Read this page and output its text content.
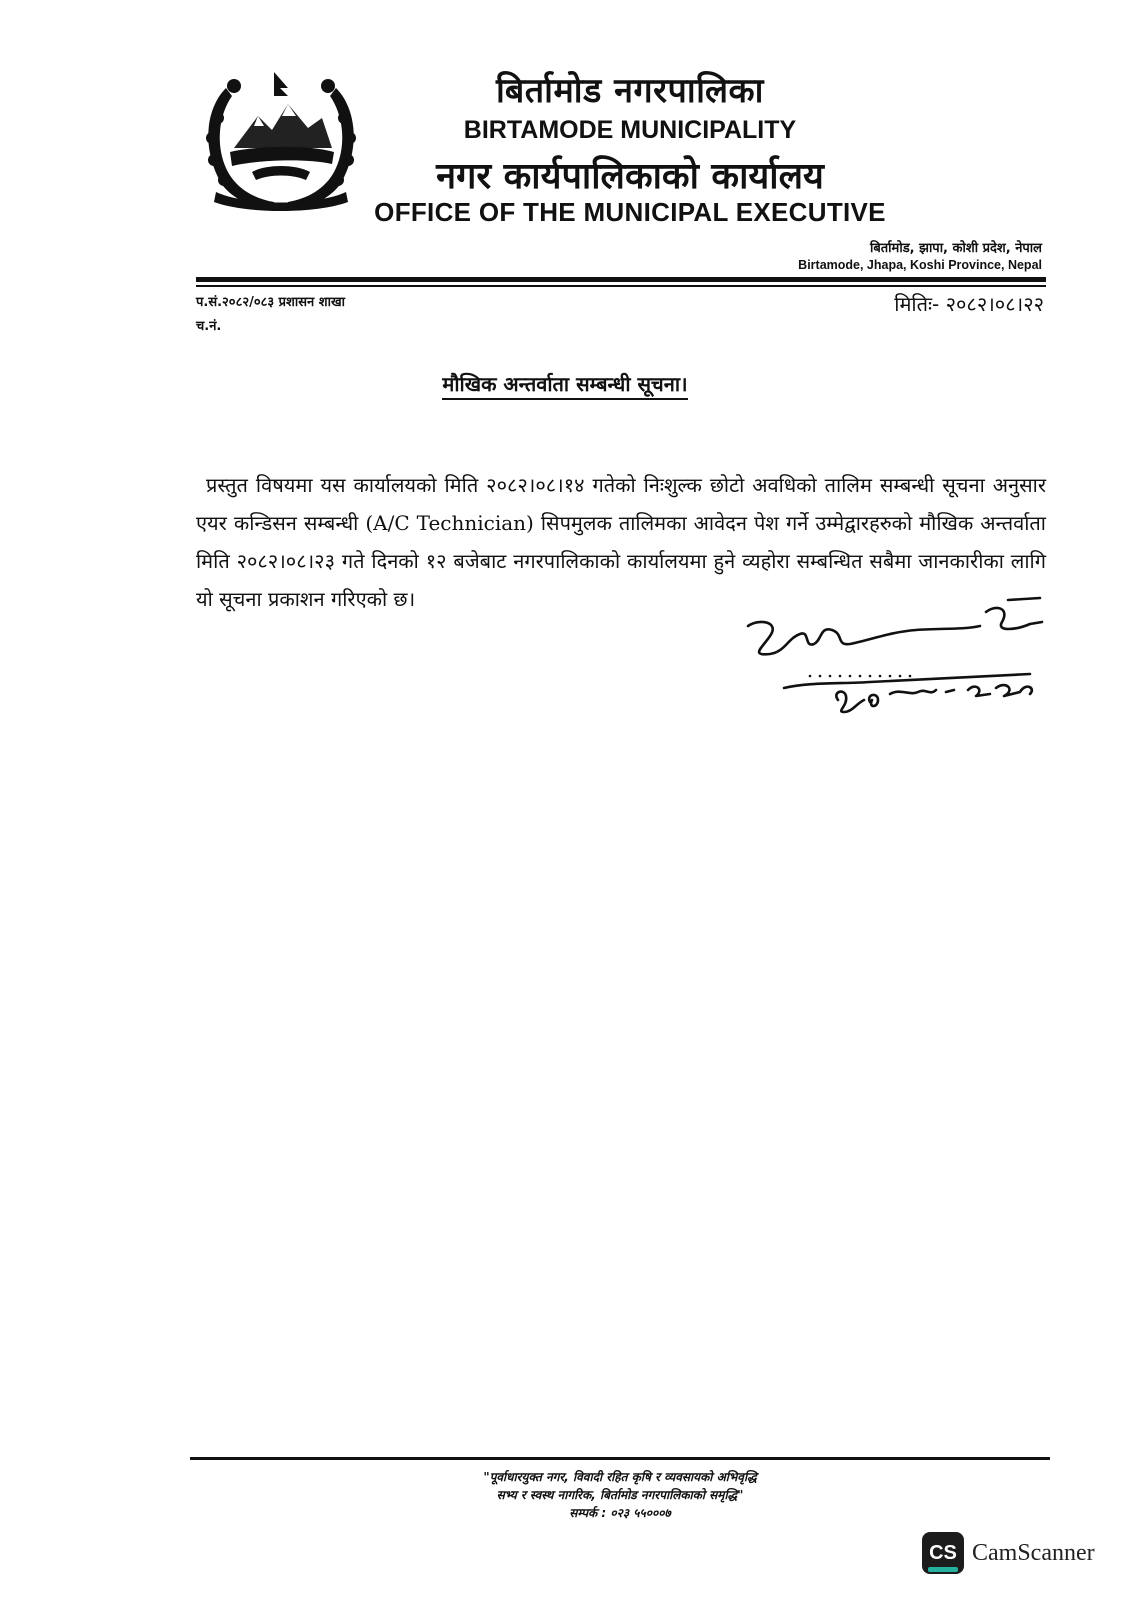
बिर्तामोड नगरपालिका
BIRTAMODE MUNICIPALITY
नगर कार्यपालिकाको कार्यालय
OFFICE OF THE MUNICIPAL EXECUTIVE
बिर्तामोड, झापा, कोशी प्रदेश, नेपाल
Birtamode, Jhapa, Koshi Province, Nepal
प.सं.२०८२/०८३ प्रशासन शाखा
च.नं.
मितिः- २०८२।०८।२२
मौखिक अन्तर्वाता सम्बन्धी सूचना।
प्रस्तुत विषयमा यस कार्यालयको मिति २०८२।०८।१४ गतेको निःशुल्क छोटो अवधिको तालिम सम्बन्धी सूचना अनुसार एयर कन्डिसन सम्बन्धी (A/C Technician) सिपमुलक तालिमका आवेदन पेश गर्ने उम्मेद्वारहरुको मौखिक अन्तर्वाता मिति २०८२।०८।२३ गते दिनको १२ बजेबाट नगरपालिकाको कार्यालयमा हुने व्यहोरा सम्बन्धित सबैमा जानकारीका लागि यो सूचना प्रकाशन गरिएको छ।
"पूर्वाधारयुक्त नगर, विवादी रहित कृषि र व्यवसायको अभिवृद्धि
सभ्य र स्वस्थ नागरिक, बिर्तामोड नगरपालिकाको समृद्धि"
सम्पर्क : ०२३ ५५०००७
CS CamScanner
